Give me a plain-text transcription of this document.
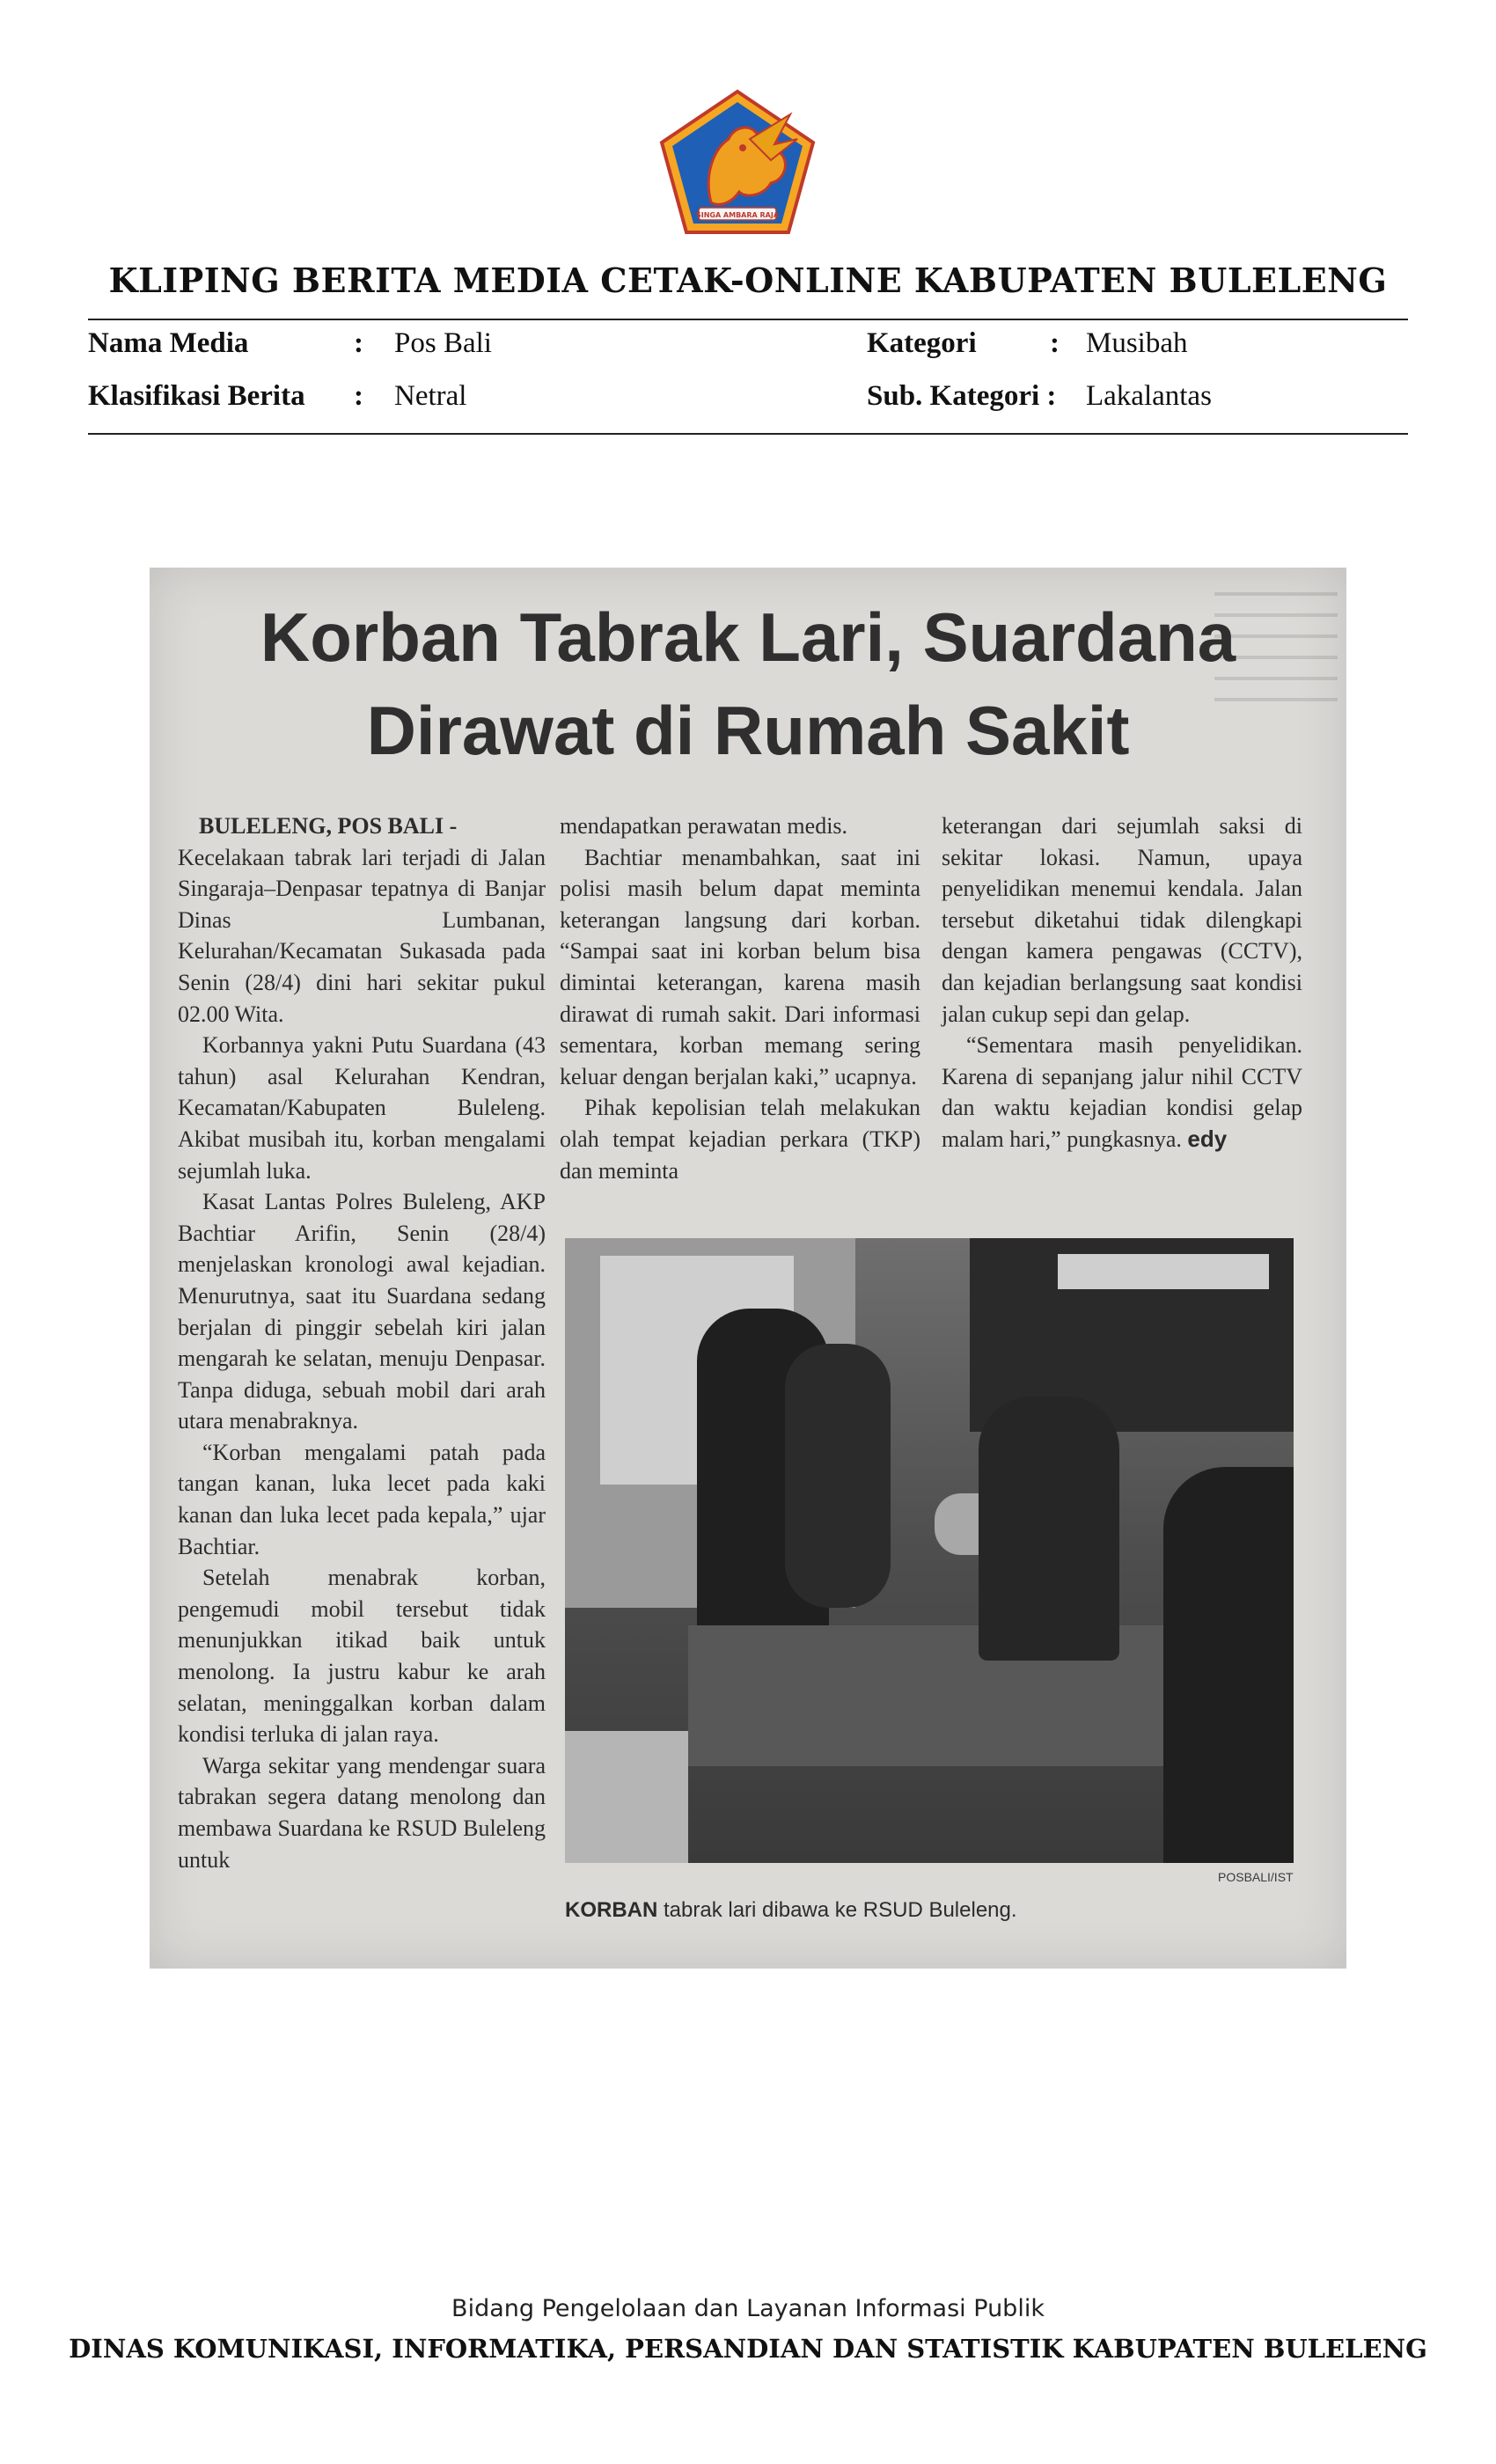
SINGA AMBARA RAJA
KLIPING BERITA MEDIA CETAK-ONLINE KABUPATEN BULELENG
Nama Media	: Pos Bali	Kategori	: Musibah
Klasifikasi Berita : Netral	Sub. Kategori : Lakalantas
Korban Tabrak Lari, Suardana
Dirawat di Rumah Sakit
BULELENG, POS BALI -

Kecelakaan tabrak lari terjadi di Jalan Singaraja–Denpasar tepatnya di Banjar Dinas Lumbanan, Kelurahan/Kecamatan Sukasada pada Senin (28/4) dini hari sekitar pukul 02.00 Wita.

Korbannya yakni Putu Suardana (43 tahun) asal Kelurahan Kendran, Kecamatan/Kabupaten Buleleng. Akibat musibah itu, korban mengalami sejumlah luka.

Kasat Lantas Polres Buleleng, AKP Bachtiar Arifin, Senin (28/4) menjelaskan kronologi awal kejadian. Menurutnya, saat itu Suardana sedang berjalan di pinggir sebelah kiri jalan mengarah ke selatan, menuju Denpasar. Tanpa diduga, sebuah mobil dari arah utara menabraknya.

“Korban mengalami patah pada tangan kanan, luka lecet pada kaki kanan dan luka lecet pada kepala,” ujar Bachtiar.

Setelah menabrak korban, pengemudi mobil tersebut tidak menunjukkan itikad baik untuk menolong. Ia justru kabur ke arah selatan, meninggalkan korban dalam kondisi terluka di jalan raya.

Warga sekitar yang mendengar suara tabrakan segera datang menolong dan membawa Suardana ke RSUD Buleleng untuk

mendapatkan perawatan medis.

Bachtiar menambahkan, saat ini polisi masih belum dapat meminta keterangan langsung dari korban. “Sampai saat ini korban belum bisa dimintai keterangan, karena masih dirawat di rumah sakit. Dari informasi sementara, korban memang sering keluar dengan berjalan kaki,” ucapnya.

Pihak kepolisian telah melakukan olah tempat kejadian perkara (TKP) dan meminta

keterangan dari sejumlah saksi di sekitar lokasi. Namun, upaya penyelidikan menemui kendala. Jalan tersebut diketahui tidak dilengkapi dengan kamera pengawas (CCTV), dan kejadian berlangsung saat kondisi jalan cukup sepi dan gelap.

“Sementara masih penyelidikan. Karena di sepanjang jalur nihil CCTV dan waktu kejadian kondisi gelap malam hari,” pungkasnya. edy

POSBALI/IST
KORBAN tabrak lari dibawa ke RSUD Buleleng.
Bidang Pengelolaan dan Layanan Informasi Publik
DINAS KOMUNIKASI, INFORMATIKA, PERSANDIAN DAN STATISTIK KABUPATEN BULELENG
